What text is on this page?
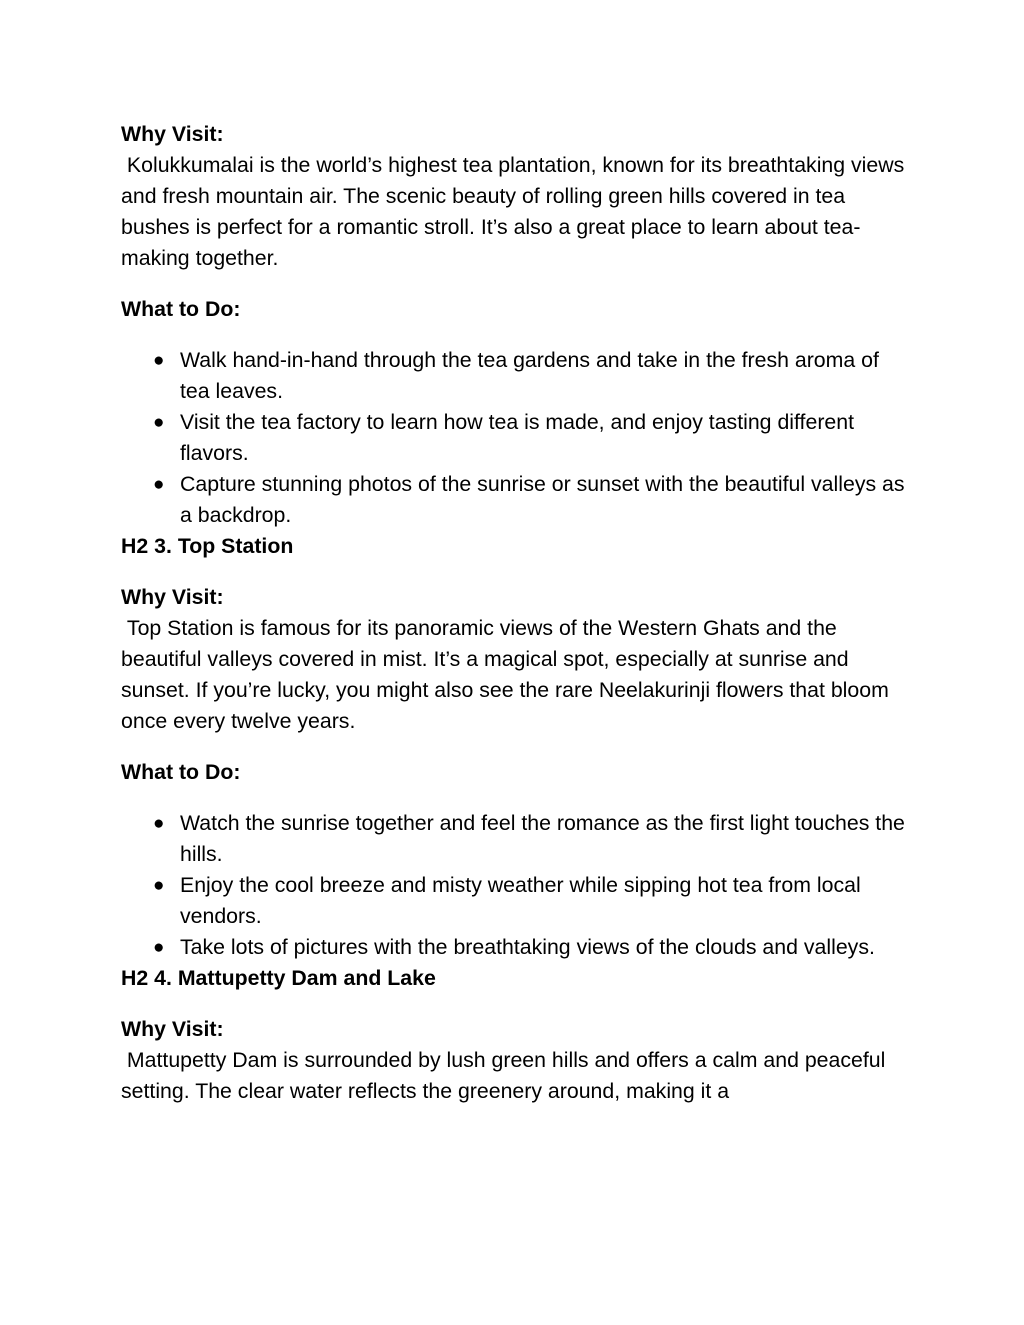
Why Visit:
Kolukkumalai is the world’s highest tea plantation, known for its breathtaking views and fresh mountain air. The scenic beauty of rolling green hills covered in tea bushes is perfect for a romantic stroll. It’s also a great place to learn about tea-making together.
What to Do:
● Walk hand-in-hand through the tea gardens and take in the fresh aroma of tea leaves.
● Visit the tea factory to learn how tea is made, and enjoy tasting different flavors.
● Capture stunning photos of the sunrise or sunset with the beautiful valleys as a backdrop.
H2 3. Top Station
Why Visit:
Top Station is famous for its panoramic views of the Western Ghats and the beautiful valleys covered in mist. It’s a magical spot, especially at sunrise and sunset. If you’re lucky, you might also see the rare Neelakurinji flowers that bloom once every twelve years.
What to Do:
● Watch the sunrise together and feel the romance as the first light touches the hills.
● Enjoy the cool breeze and misty weather while sipping hot tea from local vendors.
● Take lots of pictures with the breathtaking views of the clouds and valleys.
H2 4. Mattupetty Dam and Lake
Why Visit:
Mattupetty Dam is surrounded by lush green hills and offers a calm and peaceful setting. The clear water reflects the greenery around, making it a
